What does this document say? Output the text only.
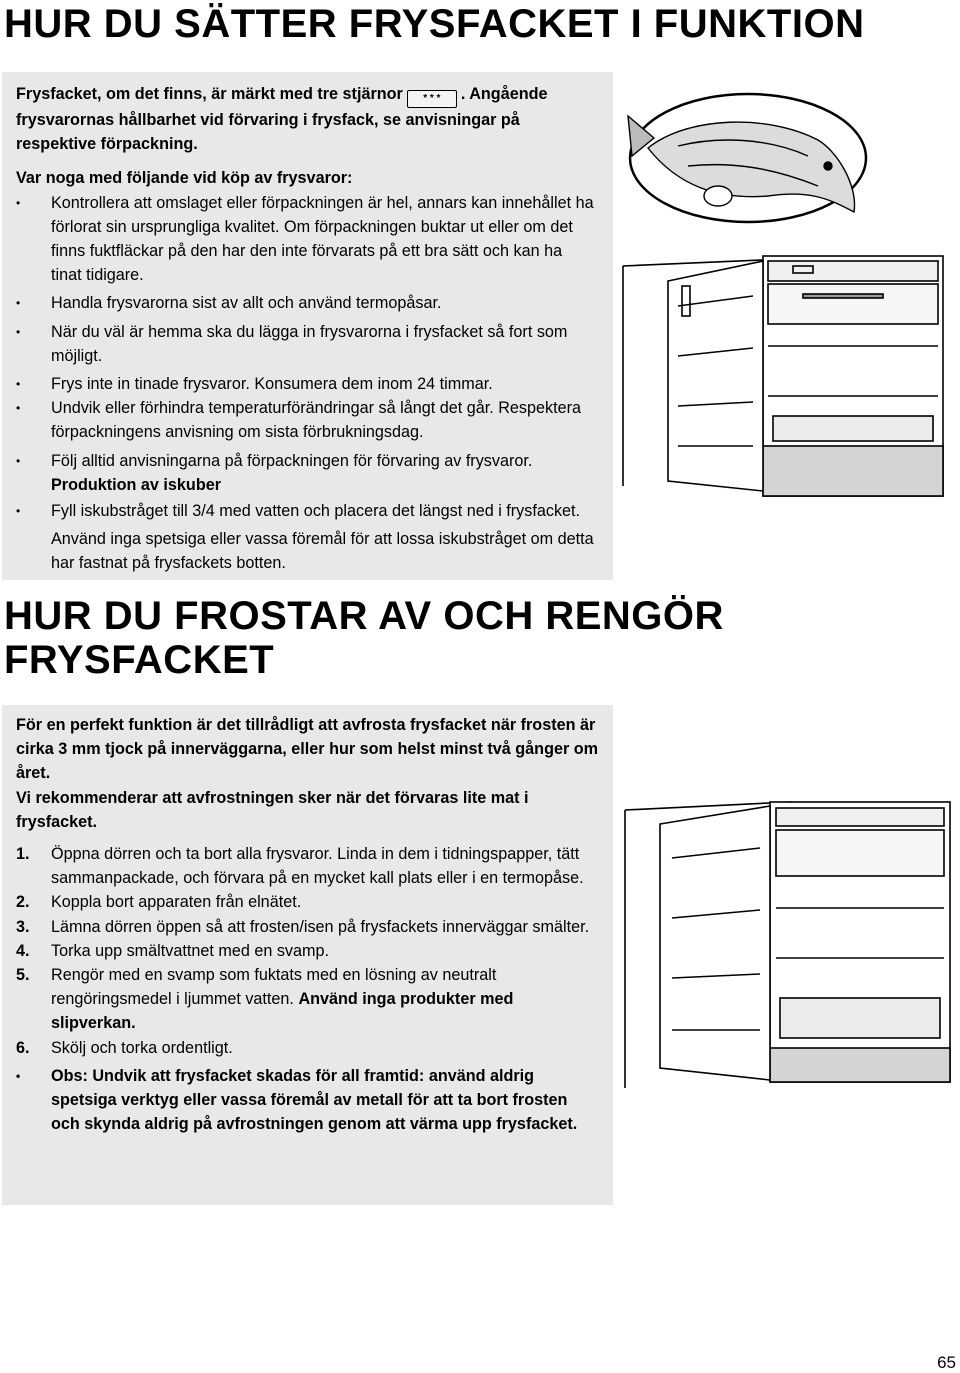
HUR DU SÄTTER FRYSFACKET I FUNKTION
Frysfacket, om det finns, är märkt med tre stjärnor * * * . Angående frysvarornas hållbarhet vid förvaring i frysfack, se anvisningar på respektive förpackning.
Var noga med följande vid köp av frysvaror:
•	Kontrollera att omslaget eller förpackningen är hel, annars kan innehållet ha förlorat sin ursprungliga kvalitet. Om förpackningen buktar ut eller om det finns fuktfläckar på den har den inte förvarats på ett bra sätt och kan ha tinat tidigare.
•	Handla frysvarorna sist av allt och använd termopåsar.
•	När du väl är hemma ska du lägga in frysvarorna i frysfacket så fort som möjligt.
•	Frys inte in tinade frysvaror. Konsumera dem inom 24 timmar.
•	Undvik eller förhindra temperaturförändringar så långt det går. Respektera förpackningens anvisning om sista förbrukningsdag.
•	Följ alltid anvisningarna på förpackningen för förvaring av frysvaror.
Produktion av iskuber
•	Fyll iskubstråget till 3/4 med vatten och placera det längst ned i frysfacket.
Använd inga spetsiga eller vassa föremål för att lossa iskubstråget om detta har fastnat på frysfackets botten.
HUR DU FROSTAR AV OCH RENGÖR
FRYSFACKET
För en perfekt funktion är det tillrådligt att avfrosta frysfacket när frosten är cirka 3 mm tjock på innerväggarna, eller hur som helst minst två gånger om året.
Vi rekommenderar att avfrostningen sker när det förvaras lite mat i frysfacket.
1.	Öppna dörren och ta bort alla frysvaror. Linda in dem i tidningspapper, tätt sammanpackade, och förvara på en mycket kall plats eller i en termopåse.
2.	Koppla bort apparaten från elnätet.
3.	Lämna dörren öppen så att frosten/isen på frysfackets innerväggar smälter.
4.	Torka upp smältvattnet med en svamp.
5.	Rengör med en svamp som fuktats med en lösning av neutralt rengöringsmedel i ljummet vatten. Använd inga produkter med slipverkan.
6.	Skölj och torka ordentligt.
•	Obs: Undvik att frysfacket skadas för all framtid: använd aldrig spetsiga verktyg eller vassa föremål av metall för att ta bort frosten och skynda aldrig på avfrostningen genom att värma upp frysfacket.
65
